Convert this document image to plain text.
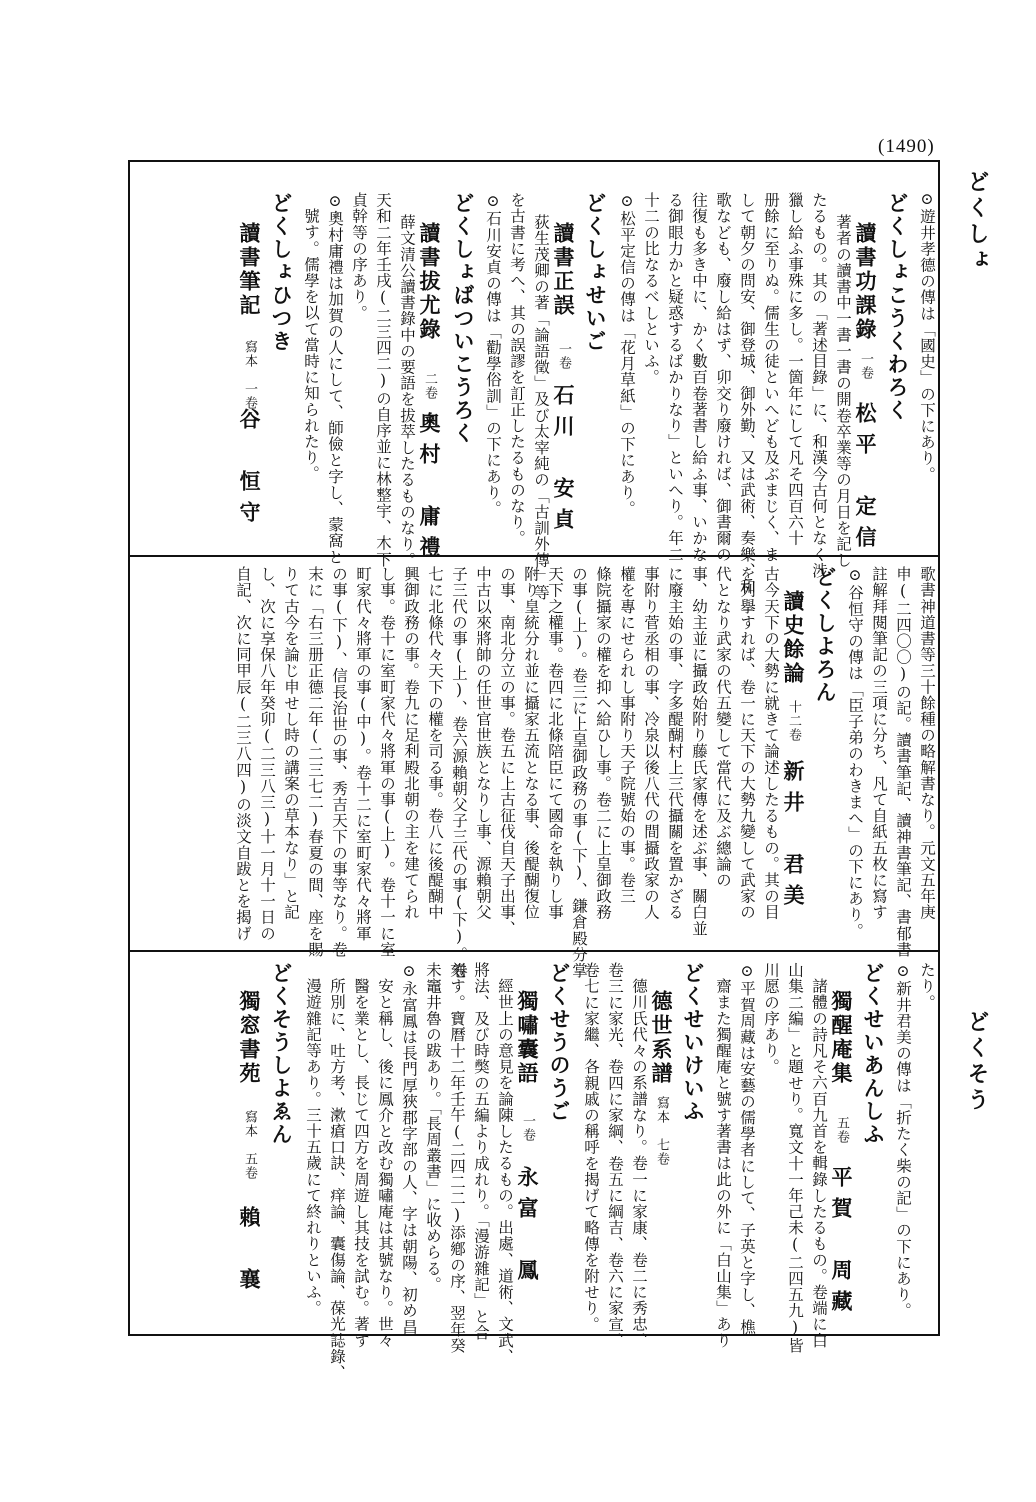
(1490)
どくしょ
どくそう
⊙遊井孝德の傳は「國史」の下にあり。
どくしょこうくわろく
讀書功課錄
一卷
松平　定信
著者の讀書中一書一書の開卷卒業等の月日を記し
たるもの。其の「著述目錄」に、和漢今古何となく涉
獵し給ふ事殊に多し。一箇年にして凡そ四百六十
册餘に至りぬ。儒生の徒といへども及ぶまじく、ま
して朝夕の問安、御登城、御外勤、又は武術、奏樂、和
歌なども、廢し給はず、卯交り廢ければ、御書爾の
往復も多き中に、かく數百卷著書し給ふ事、いかな
る御眼力かと疑惑するばかりなり」といへり。年二
十二の比なるべしといふ。
⊙松平定信の傳は「花月草紙」の下にあり。
どくしょせいご
讀書正誤
一卷
石川　安貞
荻生茂卿の著「論語徵」及び太宰純の「古訓外傳」等
を古書に考へ、其の誤謬を訂正したるものなり。
⊙石川安貞の傳は「勸學俗訓」の下にあり。
どくしょばついこうろく
讀書拔尤錄
二卷
奧村　庸禮
薛文清公讀書錄中の要語を拔萃したるものなり。
天和二年壬戌(二三四二)の自序並に林整宇、木下
貞幹等の序あり。
⊙奧村庸禮は加賀の人にして、師儉と字し、蒙窩と
號す。儒學を以て當時に知られたり。
どくしょひつき
讀書筆記
寫本　一卷
谷　恒守
歌書神道書等三十餘種の略解書なり。元文五年庚
申(二四〇〇)の記。讀書筆記、讀神書筆記、書郁書
註解拜閱筆記の三項に分ち、凡て自紙五枚に寫す
⊙谷恒守の傳は「臣子弟のわきまへ」の下にあり。
どくしよろん
讀史餘論
十二卷
新井　君美
古今天下の大勢に就きて論述したるもの。其の目
を列擧すれば、卷一に天下の大勢九變して武家の
代となり武家の代五變して當代に及ぶ總論の
事、幼主並に攝政始附り藤氏家傳を述ぶ事、關白並
に廢主始の事、字多醍醐村上三代攝關を置かざる
事附り菅丞相の事、冷泉以後八代の間攝政家の人
權を專にせられし事附り天子院號始の事。卷三
條院攝家の權を抑へ給ひし事。卷二に上皇御政務
の事(上)。卷三に上皇御政務の事(下)、鎌倉殿分掌
天下之權事。卷四に北條陪臣にて國命を執りし事
附り皇統分れ並に攝家五流となる事、後醍醐復位
の事、南北分立の事。卷五に上古征伐自天子出事、
中古以來將帥の任世官世族となりし事、源賴朝父
子三代の事(上)、卷六源賴朝父子三代の事(下)。卷
七に北條代々天下の權を司る事。卷八に後醍醐中
興御政務の事。卷九に足利殿北朝の主を建てられ
し事。卷十に室町家代々將軍の事(上)。卷十一に室
町家代々將軍の事(中)。卷十二に室町家代々將軍
の事(下)、信長治世の事、秀吉天下の事等なり。卷
末に「右三册正德二年(二三七二)春夏の間、座を賜
りて古今を論じ申せし時の講案の草本なり」と記
し、次に享保八年癸卯(二三八三)十一月十一日の
自記、次に同甲辰(二三八四)の淡文自跋とを揭げ
たり。
⊙新井君美の傳は「折たく柴の記」の下にあり。
どくせいあんしふ
獨醒庵集
五卷
平賀　周藏
諸體の詩凡そ六百九首を輯錄したるもの。卷端に白
山集二編」と題せり。寬文十一年己未(二四五九)皆
川愿の序あり。
⊙平賀周藏は安藝の儒學者にして、子英と字し、樵
齋また獨醒庵と號す著書は此の外に「白山集」あり
どくせいけいふ
德世系譜
寫本　七卷
德川氏代々の系譜なり。卷一に家康、卷二に秀忠、
卷三に家光、卷四に家綱、卷五に綱吉、卷六に家宣、
卷七に家繼、各親戚の稱呼を揭げて略傳を附せり。
どくせうのうご
獨嘯囊語
一卷
永富　鳳
經世上の意見を論陳したるもの。出處、道術、文武、
將法、及び時獘の五編より成れり。「漫游雜記」と合
刻す。寶曆十二年壬午(二四二二)添鄕の序、翌年癸
未竈井魯の跋あり。「長周叢書」に收めらる。
⊙永富鳳は長門厚狹郡字部の人、字は朝陽、初め昌
安と稱し、後に鳳介と改む獨嘯庵は其號なり。世々
醫を業とし、長じて四方を周遊し其技を試む。著す
所別に、吐方考、漱瘡口訣、痒論、囊傷論、葆光誌錄、
漫遊雜記等あり。三十五歲にて終れりといふ。
どくそうしよゑん
獨窓書苑
寫本　五卷
賴　襄
